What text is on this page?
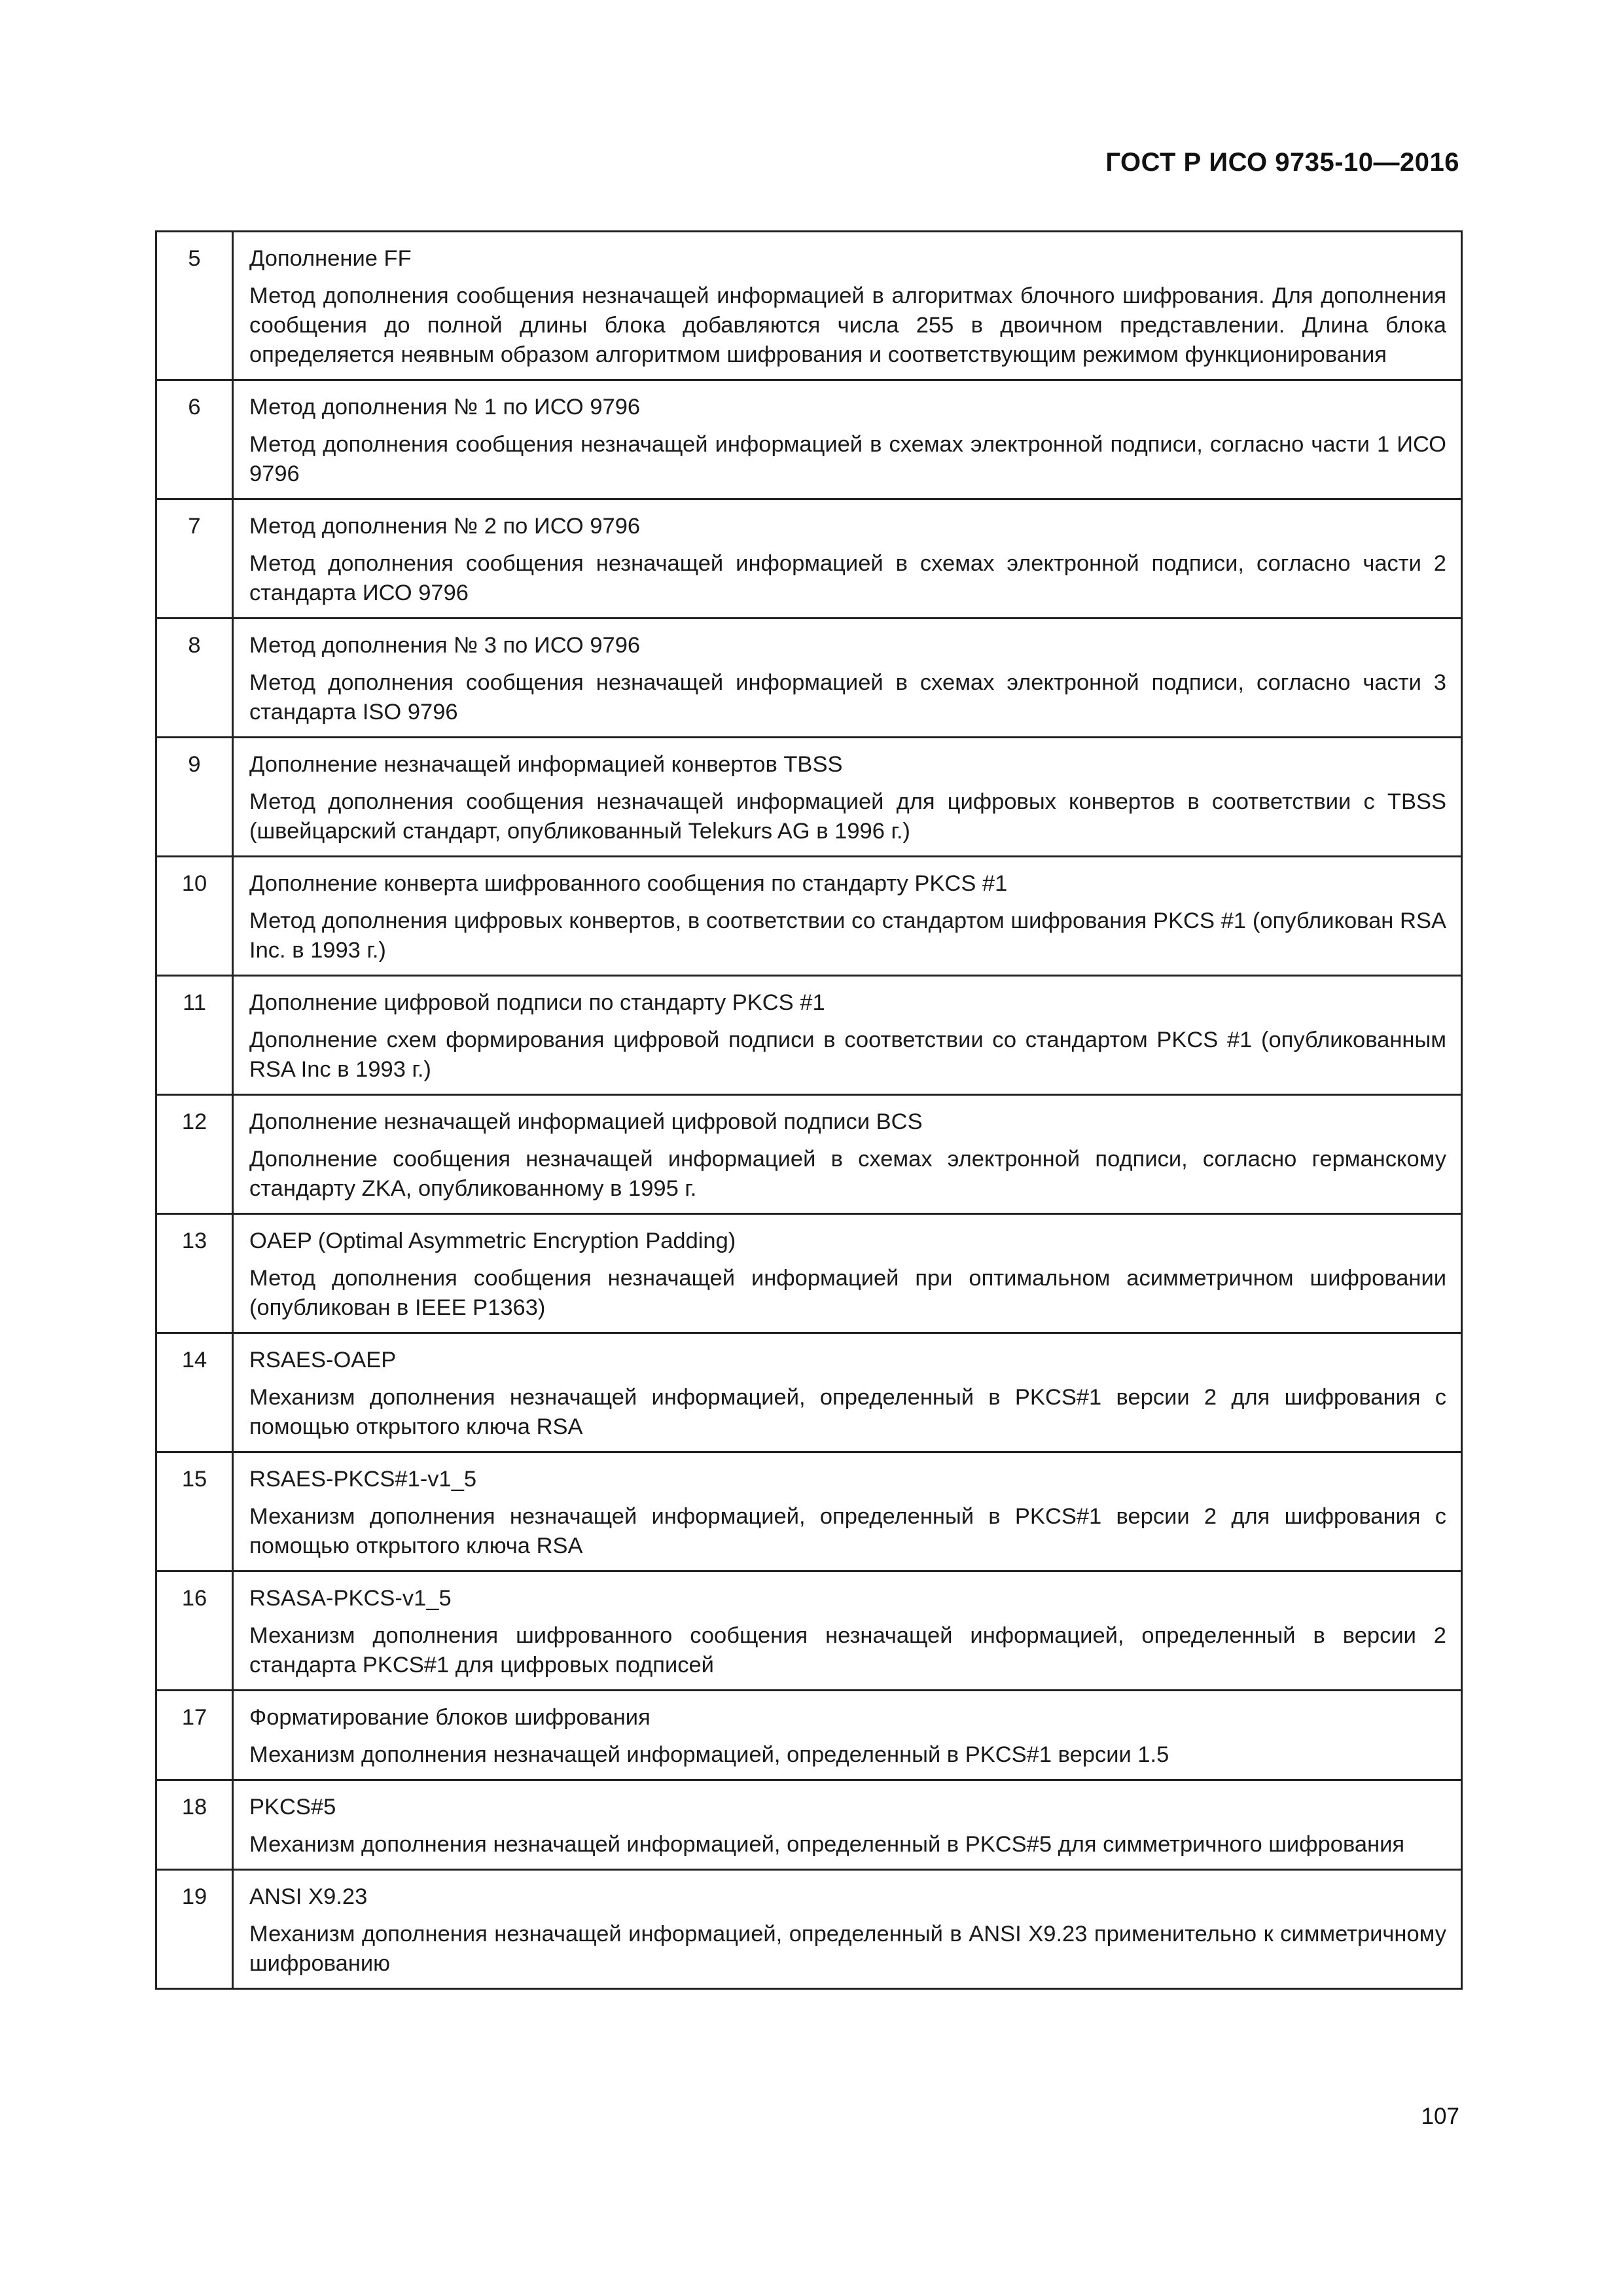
ГОСТ Р ИСО 9735-10—2016
5	Дополнение FF
Метод дополнения сообщения незначащей информацией в алгоритмах блочного шифрования. Для дополнения сообщения до полной длины блока добавляются числа 255 в двоичном представлении. Длина блока определяется неявным образом алгоритмом шифрования и соответствующим режимом функционирования

6	Метод дополнения № 1 по ИСО 9796
Метод дополнения сообщения незначащей информацией в схемах электронной подписи, согласно части 1 ИСО 9796

7	Метод дополнения № 2 по ИСО 9796
Метод дополнения сообщения незначащей информацией в схемах электронной подписи, согласно части 2 стандарта ИСО 9796

8	Метод дополнения № 3 по ИСО 9796
Метод дополнения сообщения незначащей информацией в схемах электронной подписи, согласно части 3 стандарта ISO 9796

9	Дополнение незначащей информацией конвертов TBSS
Метод дополнения сообщения незначащей информацией для цифровых конвертов в соответствии с TBSS (швейцарский стандарт, опубликованный Telekurs AG в 1996 г.)

10	Дополнение конверта шифрованного сообщения по стандарту PKCS #1
Метод дополнения цифровых конвертов, в соответствии со стандартом шифрования PKCS #1 (опубликован RSA Inc. в 1993 г.)

11	Дополнение цифровой подписи по стандарту PKCS #1
Дополнение схем формирования цифровой подписи в соответствии со стандартом PKCS #1 (опубликованным RSA Inc в 1993 г.)

12	Дополнение незначащей информацией цифровой подписи BCS
Дополнение сообщения незначащей информацией в схемах электронной подписи, согласно германскому стандарту ZKA, опубликованному в 1995 г.

13	OAEP (Optimal Asymmetric Encryption Padding)
Метод дополнения сообщения незначащей информацией при оптимальном асимметричном шифровании (опубликован в IEEE P1363)

14	RSAES-OAEP
Механизм дополнения незначащей информацией, определенный в PKCS#1 версии 2 для шифрования с помощью открытого ключа RSA

15	RSAES-PKCS#1-v1_5
Механизм дополнения незначащей информацией, определенный в PKCS#1 версии 2 для шифрования с помощью открытого ключа RSA

16	RSASA-PKCS-v1_5
Механизм дополнения шифрованного сообщения незначащей информацией, определенный в версии 2 стандарта PKCS#1 для цифровых подписей

17	Форматирование блоков шифрования
Механизм дополнения незначащей информацией, определенный в PKCS#1 версии 1.5

18	PKCS#5
Механизм дополнения незначащей информацией, определенный в PKCS#5 для симметричного шифрования

19	ANSI X9.23
Механизм дополнения незначащей информацией, определенный в ANSI X9.23 применительно к симметричному шифрованию
107
